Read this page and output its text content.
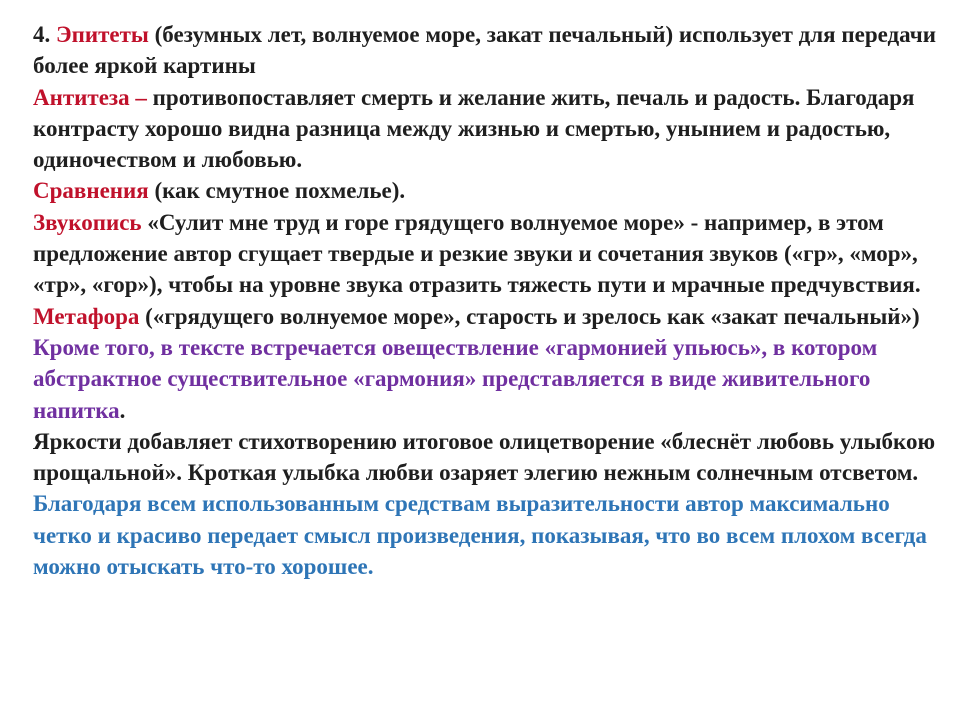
4. Эпитеты (безумных лет, волнуемое море, закат печальный) использует для передачи более яркой картины

Антитеза – противопоставляет смерть и желание жить, печаль и радость. Благодаря контрасту хорошо видна разница между жизнью и смертью, унынием и радостью, одиночеством и любовью.

Сравнения (как смутное похмелье).

Звукопись «Сулит мне труд и горе грядущего волнуемое море» - например, в этом предложение автор сгущает твердые и резкие звуки и сочетания звуков («гр», «мор», «тр», «гор»), чтобы на уровне звука отразить тяжесть пути и мрачные предчувствия.

Метафора («грядущего волнуемое море», старость и зрелось как «закат печальный»)

Кроме того, в тексте встречается овеществление «гармонией упьюсь», в котором абстрактное существительное «гармония» представляется в виде живительного напитка.

Яркости добавляет стихотворению итоговое олицетворение «блеснёт любовь улыбкою прощальной». Кроткая улыбка любви озаряет элегию нежным солнечным отсветом.

Благодаря всем использованным средствам выразительности автор максимально четко и красиво передает смысл произведения, показывая, что во всем плохом всегда можно отыскать что-то хорошее.
